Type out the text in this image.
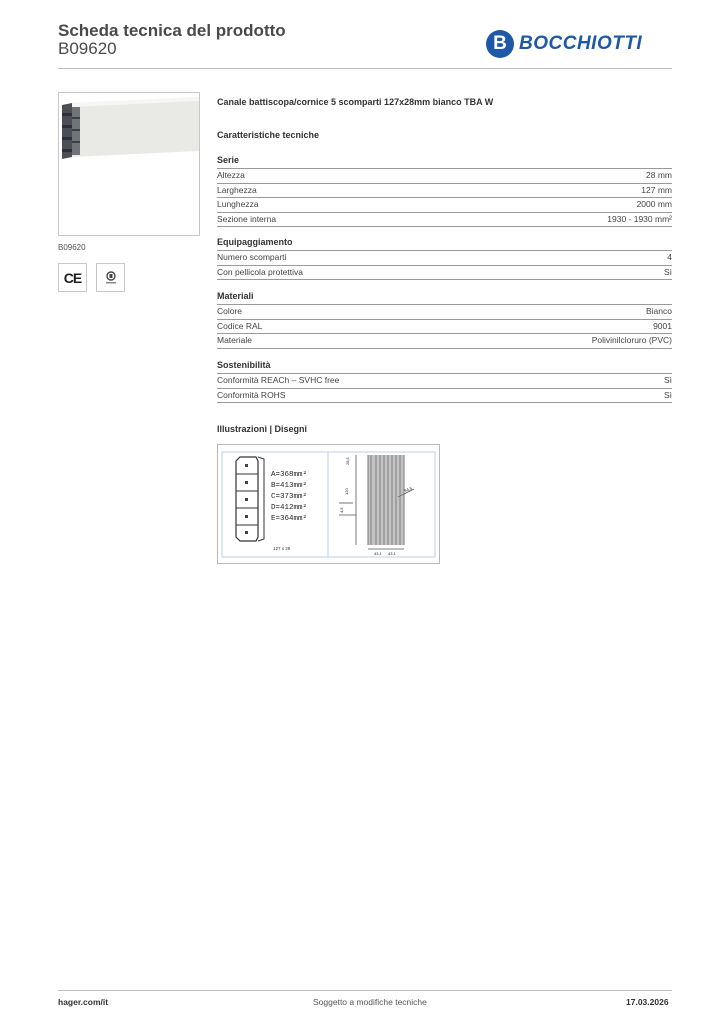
Scheda tecnica del prodotto
B09620	B BOCCHIOTTI
B09620
CE
Canale battiscopa/cornice 5 scomparti 127x28mm bianco TBA W
Caratteristiche tecniche
Serie
Altezza	28 mm
Larghezza	127 mm
Lunghezza	2000 mm
Sezione interna	1930 - 1930 mm²
Equipaggiamento
Numero scomparti	4
Con pellicola protettiva	Sì
Materiali
Colore	Bianco
Codice RAL	9001
Materiale	Polivinilcloruro (PVC)
Sostenibilità
Conformità REACh – SVHC free	Sì
Conformità ROHS	Sì
Illustrazioni | Disegni
A=368mm²
B=413mm²
C=373mm²
D=412mm²
E=364mm²
127 x 28
28,5
120
4,5
64,5
43,1 43,1
hager.com/it	Soggetto a modifiche tecniche	17.03.2026
